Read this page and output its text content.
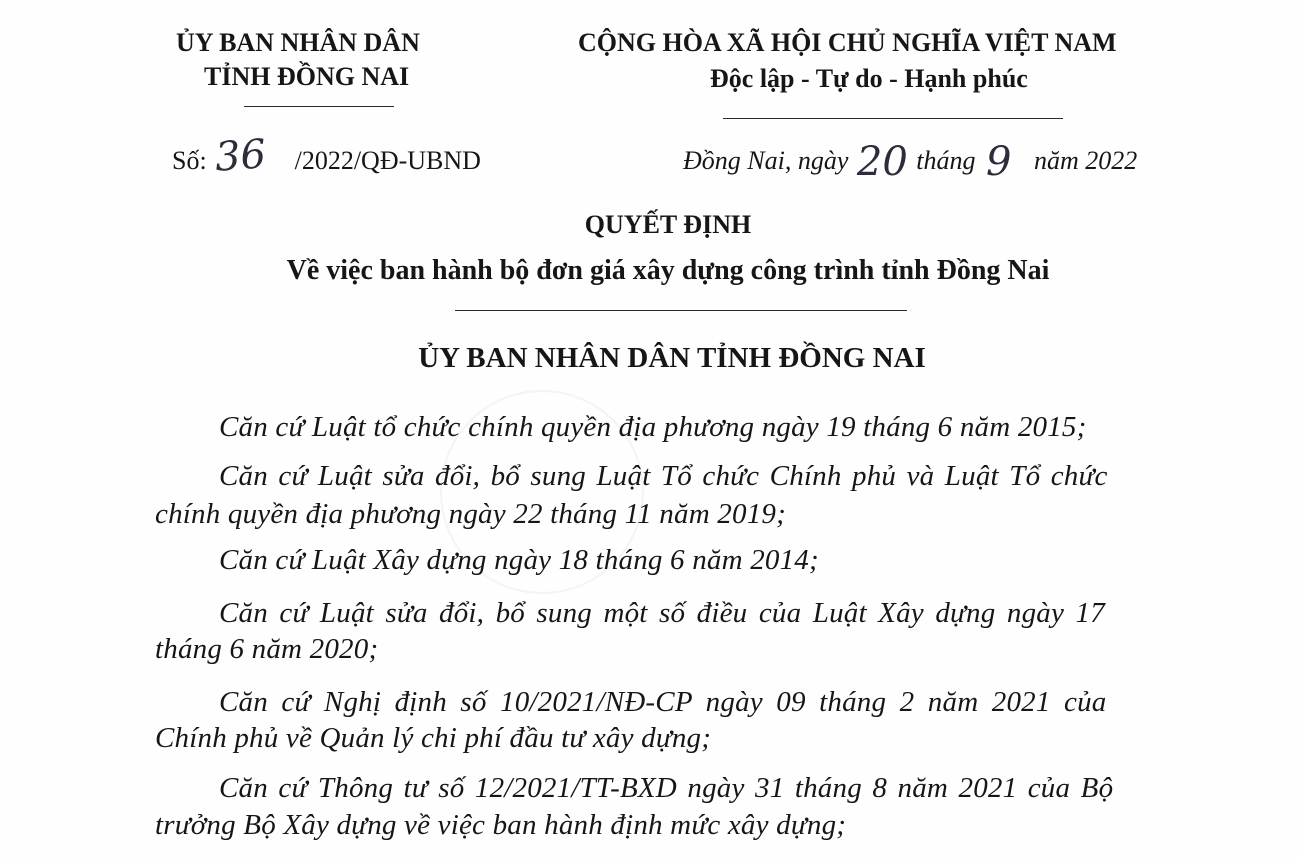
ỦY BAN NHÂN DÂN
TỈNH ĐỒNG NAI
CỘNG HÒA XÃ HỘI CHỦ NGHĨA VIỆT NAM
Độc lập - Tự do - Hạnh phúc
Số: 36 /2022/QĐ-UBND	Đồng Nai, ngày 20 tháng 9 năm 2022
QUYẾT ĐỊNH
Về việc ban hành bộ đơn giá xây dựng công trình tỉnh Đồng Nai
ỦY BAN NHÂN DÂN TỈNH ĐỒNG NAI
Căn cứ Luật tổ chức chính quyền địa phương ngày 19 tháng 6 năm 2015;
Căn cứ Luật sửa đổi, bổ sung Luật Tổ chức Chính phủ và Luật Tổ chức
chính quyền địa phương ngày 22 tháng 11 năm 2019;
Căn cứ Luật Xây dựng ngày 18 tháng 6 năm 2014;
Căn cứ Luật sửa đổi, bổ sung một số điều của Luật Xây dựng ngày 17
tháng 6 năm 2020;
Căn cứ Nghị định số 10/2021/NĐ-CP ngày 09 tháng 2 năm 2021 của
Chính phủ về Quản lý chi phí đầu tư xây dựng;
Căn cứ Thông tư số 12/2021/TT-BXD ngày 31 tháng 8 năm 2021 của Bộ
trưởng Bộ Xây dựng về việc ban hành định mức xây dựng;
